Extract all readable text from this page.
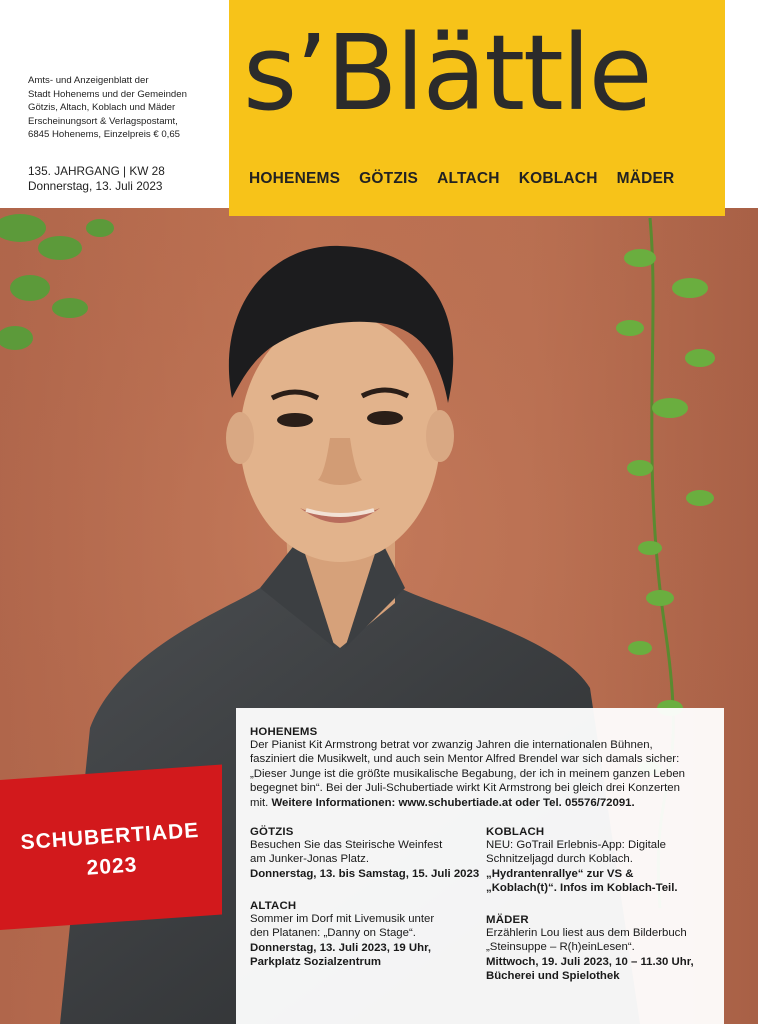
Amts- und Anzeigenblatt der
Stadt Hohenems und der Gemeinden
Götzis, Altach, Koblach und Mäder
Erscheinungsort & Verlagspostamt,
6845 Hohenems, Einzelpreis € 0,65
135. JAHRGANG | KW 28
Donnerstag, 13. Juli 2023
s’Blättle
HOHENEMS GÖTZIS ALTACH KOBLACH MÄDER
SCHUBERTIADE
2023
HOHENEMS
Der Pianist Kit Armstrong betrat vor zwanzig Jahren die internationalen Bühnen,
fasziniert die Musikwelt, und auch sein Mentor Alfred Brendel war sich damals sicher:
„Dieser Junge ist die größte musikalische Begabung, der ich in meinem ganzen Leben
begegnet bin“. Bei der Juli-Schubertiade wirkt Kit Armstrong bei gleich drei Konzerten
mit. Weitere Informationen: www.schubertiade.at oder Tel. 05576/72091.
GÖTZIS
Besuchen Sie das Steirische Weinfest
am Junker-Jonas Platz.
Donnerstag, 13. bis Samstag, 15. Juli 2023
ALTACH
Sommer im Dorf mit Livemusik unter
den Platanen: „Danny on Stage“.
Donnerstag, 13. Juli 2023, 19 Uhr,
Parkplatz Sozialzentrum
KOBLACH
NEU: GoTrail Erlebnis-App: Digitale
Schnitzeljagd durch Koblach.
„Hydrantenrallye“ zur VS &
„Koblach(t)“. Infos im Koblach-Teil.
MÄDER
Erzählerin Lou liest aus dem Bilderbuch
„Steinsuppe – R(h)einLesen“.
Mittwoch, 19. Juli 2023, 10 – 11.30 Uhr,
Bücherei und Spielothek
